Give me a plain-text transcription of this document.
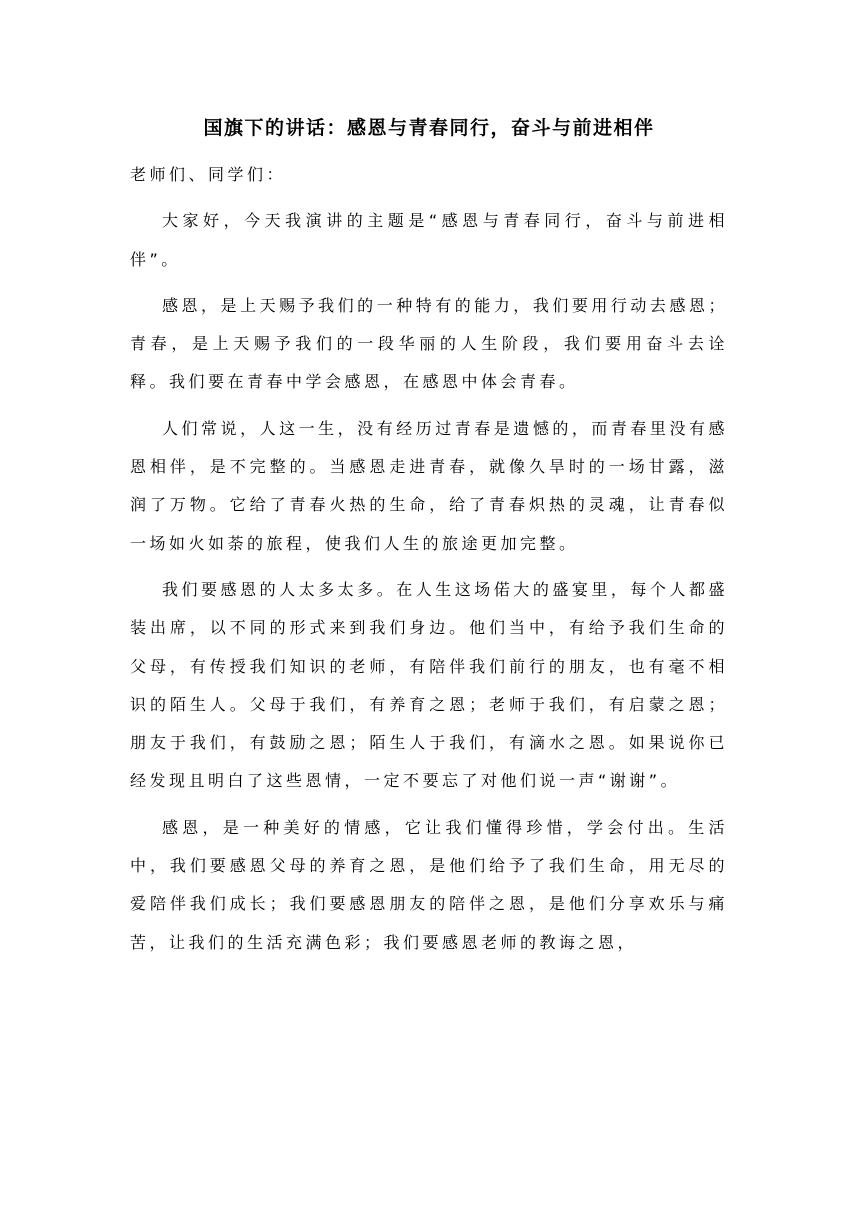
国旗下的讲话：感恩与青春同行，奋斗与前进相伴

老师们、同学们：

大家好，今天我演讲的主题是“感恩与青春同行，奋斗与前进相伴”。

感恩，是上天赐予我们的一种特有的能力，我们要用行动去感恩；青春，是上天赐予我们的一段华丽的人生阶段，我们要用奋斗去诠释。我们要在青春中学会感恩，在感恩中体会青春。

人们常说，人这一生，没有经历过青春是遗憾的，而青春里没有感恩相伴，是不完整的。当感恩走进青春，就像久旱时的一场甘露，滋润了万物。它给了青春火热的生命，给了青春炽热的灵魂，让青春似一场如火如荼的旅程，使我们人生的旅途更加完整。

我们要感恩的人太多太多。在人生这场偌大的盛宴里，每个人都盛装出席，以不同的形式来到我们身边。他们当中，有给予我们生命的父母，有传授我们知识的老师，有陪伴我们前行的朋友，也有毫不相识的陌生人。父母于我们，有养育之恩；老师于我们，有启蒙之恩；朋友于我们，有鼓励之恩；陌生人于我们，有滴水之恩。如果说你已经发现且明白了这些恩情，一定不要忘了对他们说一声“谢谢”。

感恩，是一种美好的情感，它让我们懂得珍惜，学会付出。生活中，我们要感恩父母的养育之恩，是他们给予了我们生命，用无尽的爱陪伴我们成长；我们要感恩朋友的陪伴之恩，是他们分享欢乐与痛苦，让我们的生活充满色彩；我们要感恩老师的教诲之恩，
